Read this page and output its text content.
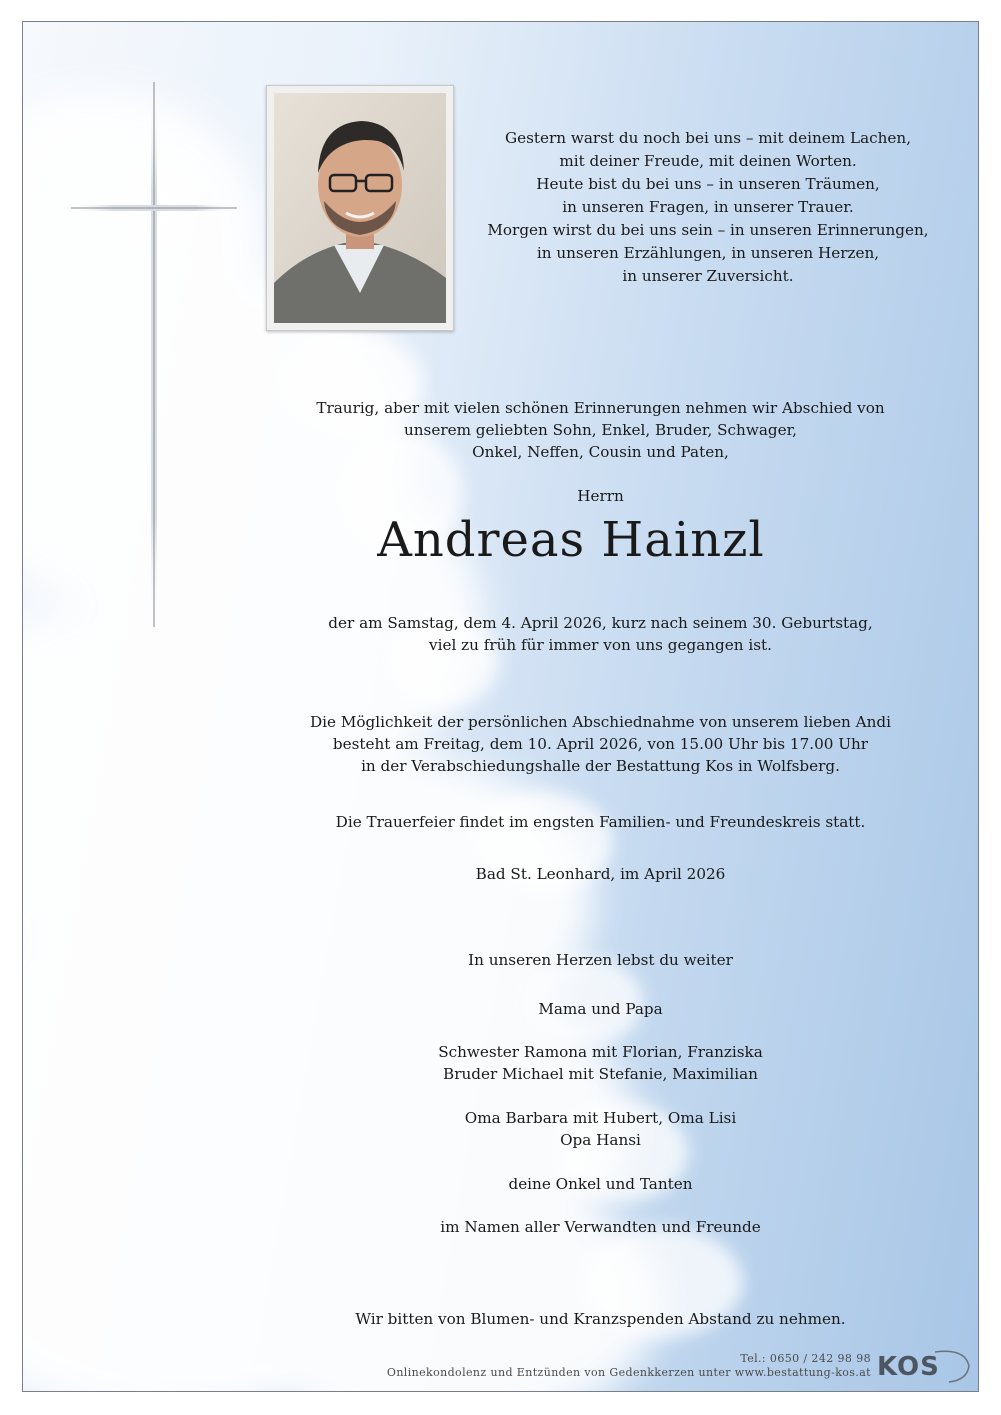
Gestern warst du noch bei uns – mit deinem Lachen,
mit deiner Freude, mit deinen Worten.
Heute bist du bei uns – in unseren Träumen,
in unseren Fragen, in unserer Trauer.
Morgen wirst du bei uns sein – in unseren Erinnerungen,
in unseren Erzählungen, in unseren Herzen,
in unserer Zuversicht.

Traurig, aber mit vielen schönen Erinnerungen nehmen wir Abschied von

unserem geliebten Sohn, Enkel, Bruder, Schwager,

Onkel, Neffen, Cousin und Paten,

Herrn
Andreas Hainzl

der am Samstag, dem 4. April 2026, kurz nach seinem 30. Geburtstag,

viel zu früh für immer von uns gegangen ist.

Die Möglichkeit der persönlichen Abschiednahme von unserem lieben Andi

besteht am Freitag, dem 10. April 2026, von 15.00 Uhr bis 17.00 Uhr

in der Verabschiedungshalle der Bestattung Kos in Wolfsberg.

Die Trauerfeier findet im engsten Familien- und Freundeskreis statt.
Bad St. Leonhard, im April 2026
In unseren Herzen lebst du weiter
Mama und Papa

Schwester Ramona mit Florian, Franziska

Bruder Michael mit Stefanie, Maximilian

Oma Barbara mit Hubert, Oma Lisi

Opa Hansi

deine Onkel und Tanten
im Namen aller Verwandten und Freunde
Wir bitten von Blumen- und Kranzspenden Abstand zu nehmen.
Tel.: 0650 / 242 98 98
Onlinekondolenz und Entzünden von Gedenkkerzen unter www.bestattung-kos.at KOS
